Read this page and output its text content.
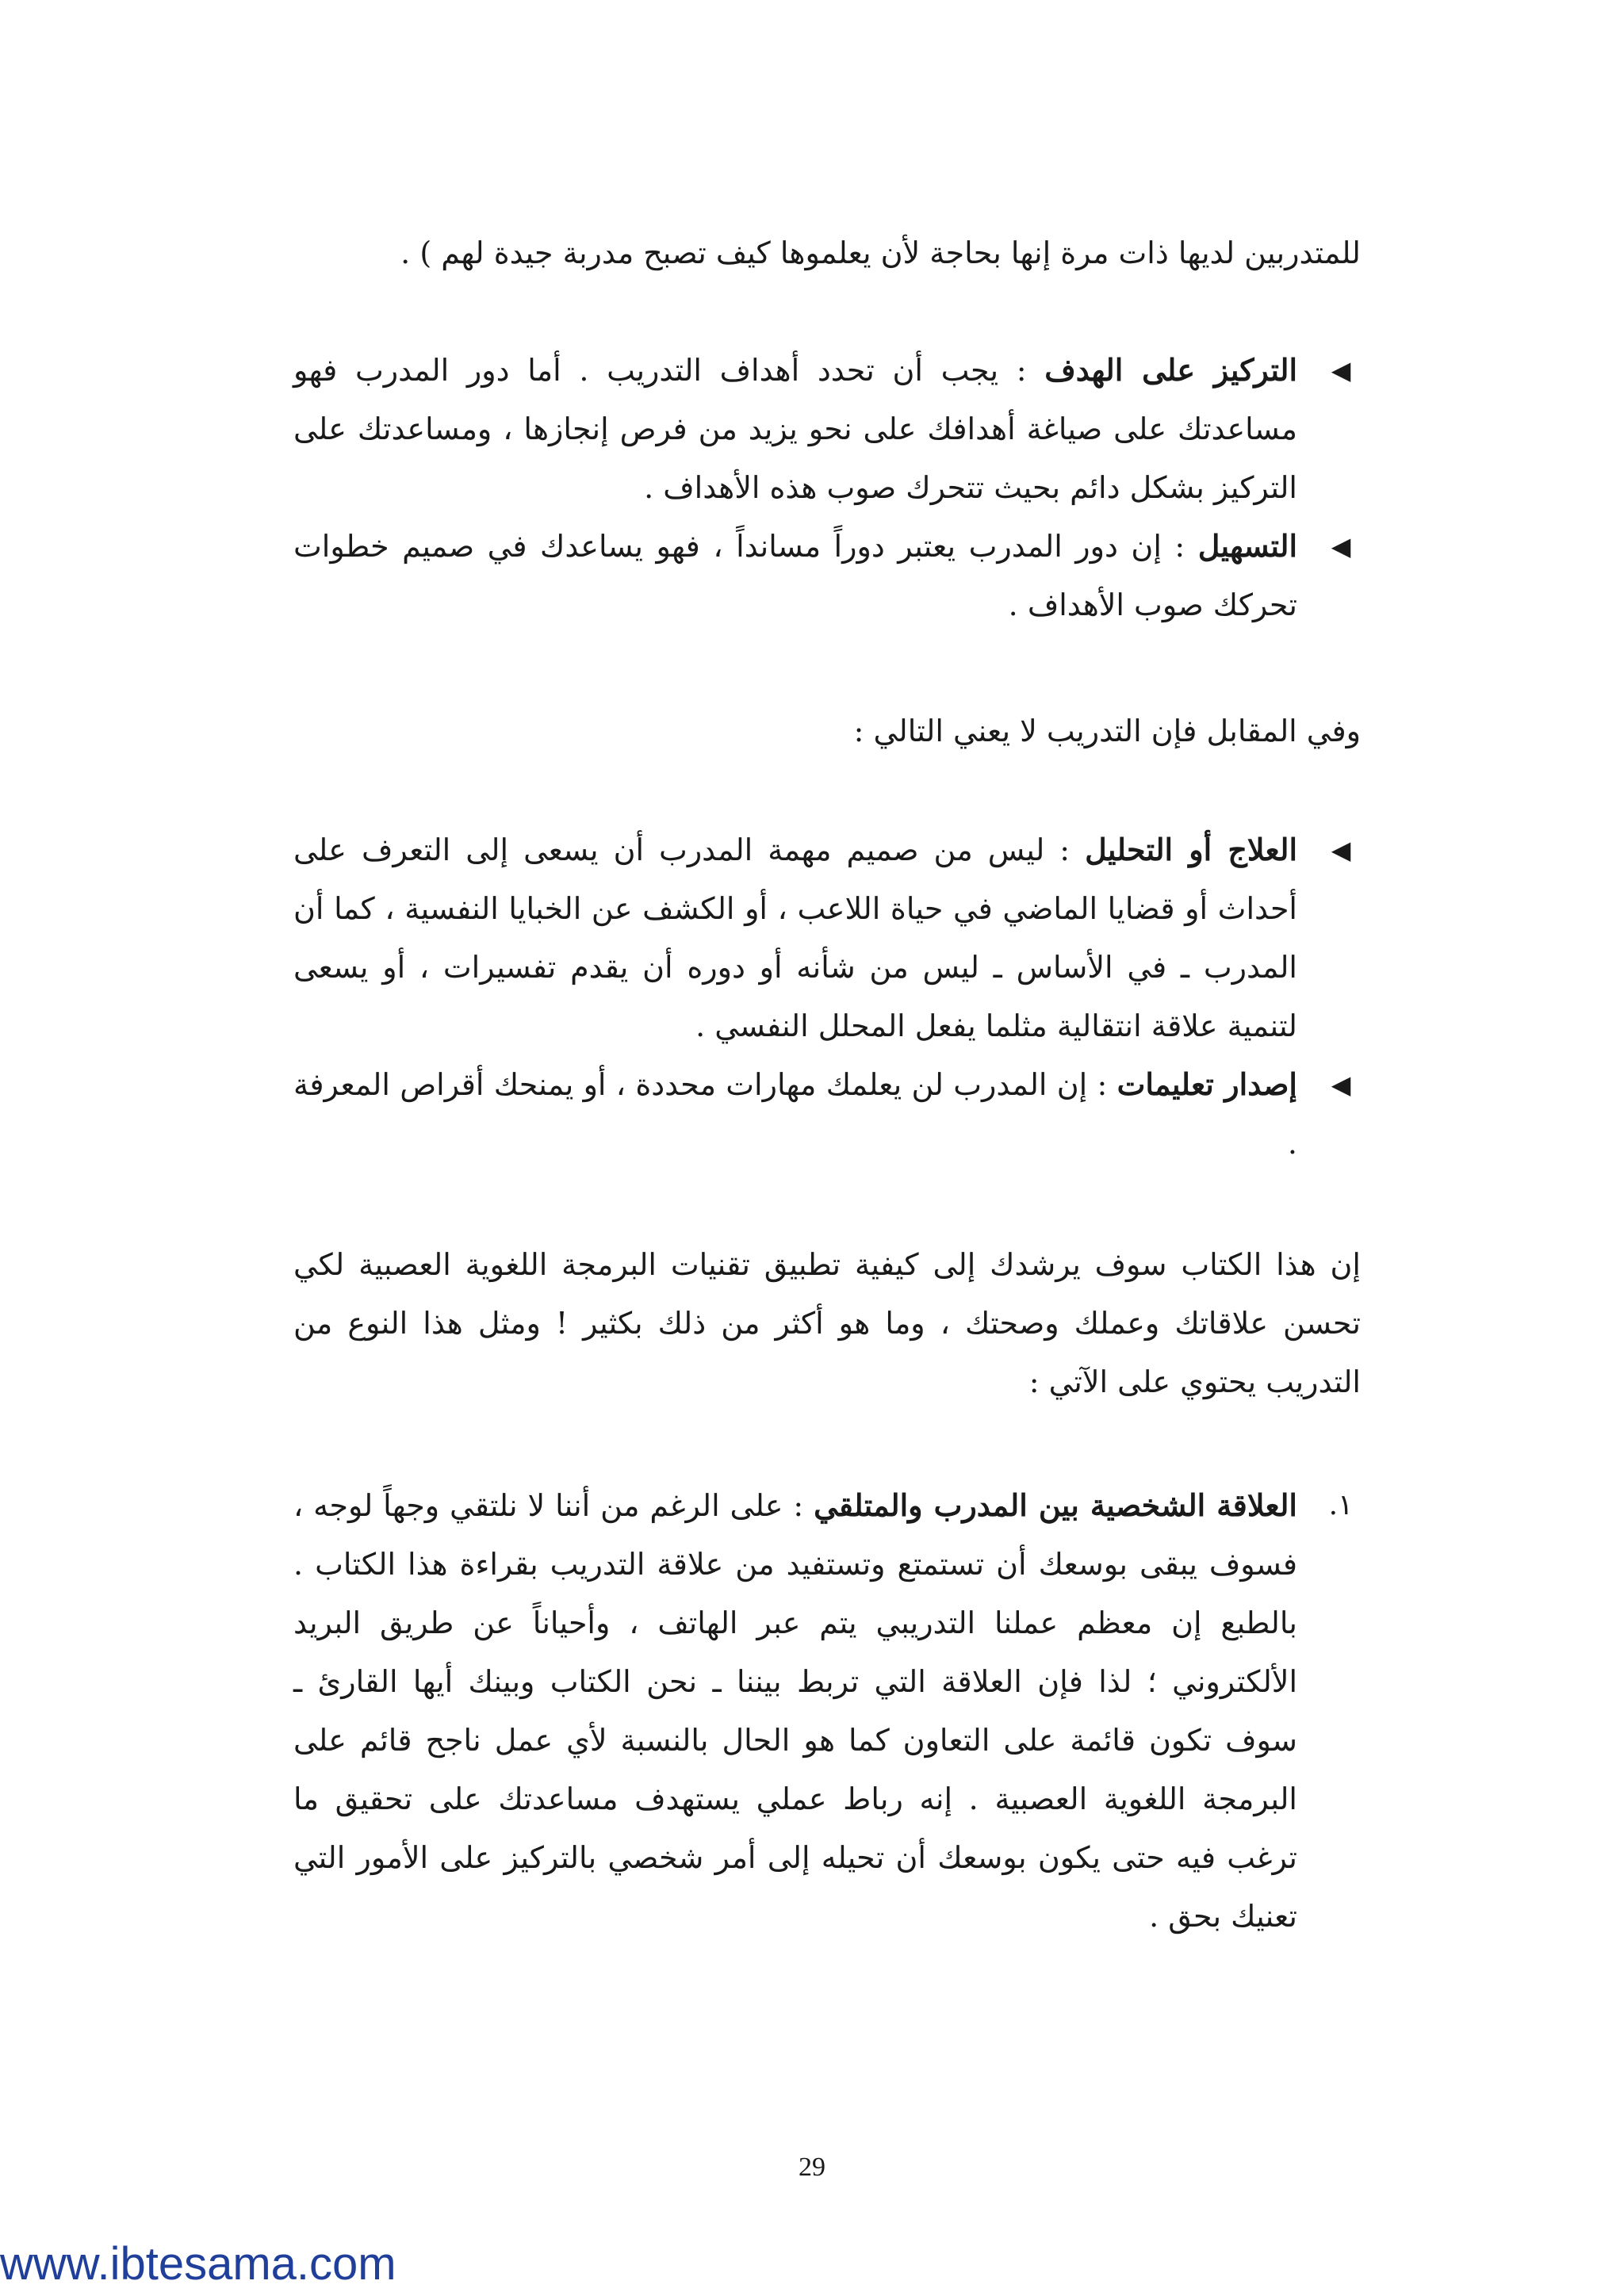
للمتدربين لديها ذات مرة إنها بحاجة لأن يعلموها كيف تصبح مدربة جيدة لهم ) .
◀
التركيز على الهدف : يجب أن تحدد أهداف التدريب . أما دور المدرب فهو مساعدتك على صياغة أهدافك على نحو يزيد من فرص إنجازها ، ومساعدتك على التركيز بشكل دائم بحيث تتحرك صوب هذه الأهداف .
◀
التسهيل : إن دور المدرب يعتبر دوراً مسانداً ، فهو يساعدك في صميم خطوات تحركك صوب الأهداف .
وفي المقابل فإن التدريب لا يعني التالي :
◀
العلاج أو التحليل : ليس من صميم مهمة المدرب أن يسعى إلى التعرف على أحداث أو قضايا الماضي في حياة اللاعب ، أو الكشف عن الخبايا النفسية ، كما أن المدرب ـ في الأساس ـ ليس من شأنه أو دوره أن يقدم تفسيرات ، أو يسعى لتنمية علاقة انتقالية مثلما يفعل المحلل النفسي .
◀
إصدار تعليمات : إن المدرب لن يعلمك مهارات محددة ، أو يمنحك أقراص المعرفة .
إن هذا الكتاب سوف يرشدك إلى كيفية تطبيق تقنيات البرمجة اللغوية العصبية لكي تحسن علاقاتك وعملك وصحتك ، وما هو أكثر من ذلك بكثير ! ومثل هذا النوع من التدريب يحتوي على الآتي :
١.
العلاقة الشخصية بين المدرب والمتلقي : على الرغم من أننا لا نلتقي وجهاً لوجه ، فسوف يبقى بوسعك أن تستمتع وتستفيد من علاقة التدريب بقراءة هذا الكتاب . بالطبع إن معظم عملنا التدريبي يتم عبر الهاتف ، وأحياناً عن طريق البريد الألكتروني ؛ لذا فإن العلاقة التي تربط بيننا ـ نحن الكتاب وبينك أيها القارئ ـ سوف تكون قائمة على التعاون كما هو الحال بالنسبة لأي عمل ناجح قائم على البرمجة اللغوية العصبية . إنه رباط عملي يستهدف مساعدتك على تحقيق ما ترغب فيه حتى يكون بوسعك أن تحيله إلى أمر شخصي بالتركيز على الأمور التي تعنيك بحق .
29
www.ibtesama.com
